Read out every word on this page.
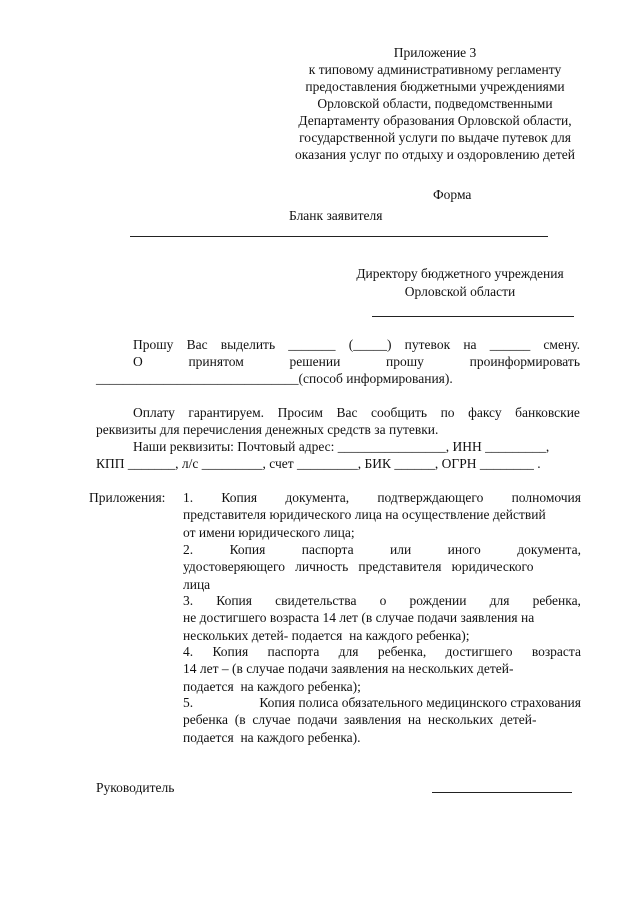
Приложение 3
к типовому административному регламенту
предоставления бюджетными учреждениями
Орловской области, подведомственными
Департаменту образования Орловской области,
государственной услуги по выдаче путевок для
оказания услуг по отдыху и оздоровлению детей
Форма
Бланк заявителя
Директору бюджетного учреждения
Орловской области
Прошу Вас выделить _______ (_____) путевок на ______ смену.
О	принятом	решении	прошу	проинформировать
______________________________(способ информирования).
Оплату гарантируем. Просим Вас сообщить по факсу банковские
реквизиты для перечисления денежных средств за путевки.
Наши реквизиты: Почтовый адрес: ________________, ИНН _________,
КПП _______, л/с _________, счет _________, БИК ______, ОГРН ________ .
Приложения: 1. Копия документа, подтверждающего полномочия
представителя юридического лица на осуществление действий
от имени юридического лица;
2.	Копия	паспорта	или	иного	документа,
удостоверяющего   личность   представителя   юридического
лица
3. Копия свидетельства о рождении для ребенка,
не достигшего возраста 14 лет (в случае подачи заявления на
нескольких детей- подается  на каждого ребенка);
4. Копия паспорта для ребенка, достигшего возраста
14 лет – (в случае подачи заявления на нескольких детей-
подается  на каждого ребенка);
5.	Копия полиса обязательного медицинского страхования
ребенка  (в  случае  подачи  заявления  на  нескольких  детей-
подается  на каждого ребенка).
Руководитель
